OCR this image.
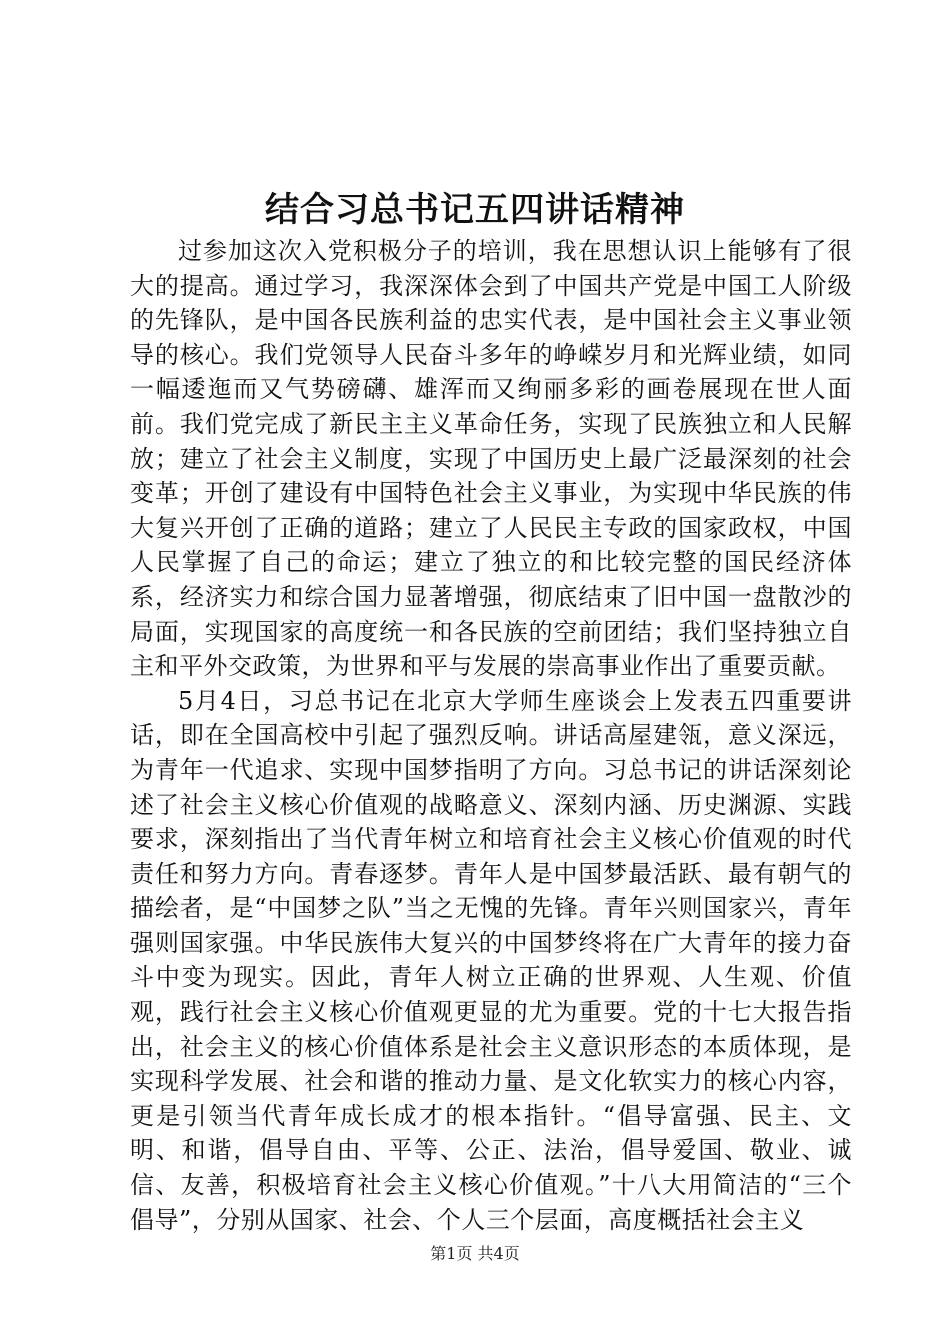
结合习总书记五四讲话精神

过参加这次入党积极分子的培训，我在思想认识上能够有了很大的提高。通过学习，我深深体会到了中国共产党是中国工人阶级的先锋队，是中国各民族利益的忠实代表，是中国社会主义事业领导的核心。我们党领导人民奋斗多年的峥嵘岁月和光辉业绩，如同一幅逶迤而又气势磅礴、雄浑而又绚丽多彩的画卷展现在世人面前。我们党完成了新民主主义革命任务，实现了民族独立和人民解放；建立了社会主义制度，实现了中国历史上最广泛最深刻的社会变革；开创了建设有中国特色社会主义事业，为实现中华民族的伟大复兴开创了正确的道路；建立了人民民主专政的国家政权，中国人民掌握了自己的命运；建立了独立的和比较完整的国民经济体系，经济实力和综合国力显著增强，彻底结束了旧中国一盘散沙的局面，实现国家的高度统一和各民族的空前团结；我们坚持独立自主和平外交政策，为世界和平与发展的崇高事业作出了重要贡献。

5月4日，习总书记在北京大学师生座谈会上发表五四重要讲话，即在全国高校中引起了强烈反响。讲话高屋建瓴，意义深远，为青年一代追求、实现中国梦指明了方向。习总书记的讲话深刻论述了社会主义核心价值观的战略意义、深刻内涵、历史渊源、实践要求，深刻指出了当代青年树立和培育社会主义核心价值观的时代责任和努力方向。青春逐梦。青年人是中国梦最活跃、最有朝气的描绘者，是“中国梦之队”当之无愧的先锋。青年兴则国家兴，青年强则国家强。中华民族伟大复兴的中国梦终将在广大青年的接力奋斗中变为现实。因此，青年人树立正确的世界观、人生观、价值观，践行社会主义核心价值观更显的尤为重要。党的十七大报告指出，社会主义的核心价值体系是社会主义意识形态的本质体现，是实现科学发展、社会和谐的推动力量、是文化软实力的核心内容，更是引领当代青年成长成才的根本指针。“倡导富强、民主、文明、和谐，倡导自由、平等、公正、法治，倡导爱国、敬业、诚信、友善，积极培育社会主义核心价值观。”十八大用简洁的“三个倡导”，分别从国家、社会、个人三个层面，高度概括社会主义

第1页 共4页
